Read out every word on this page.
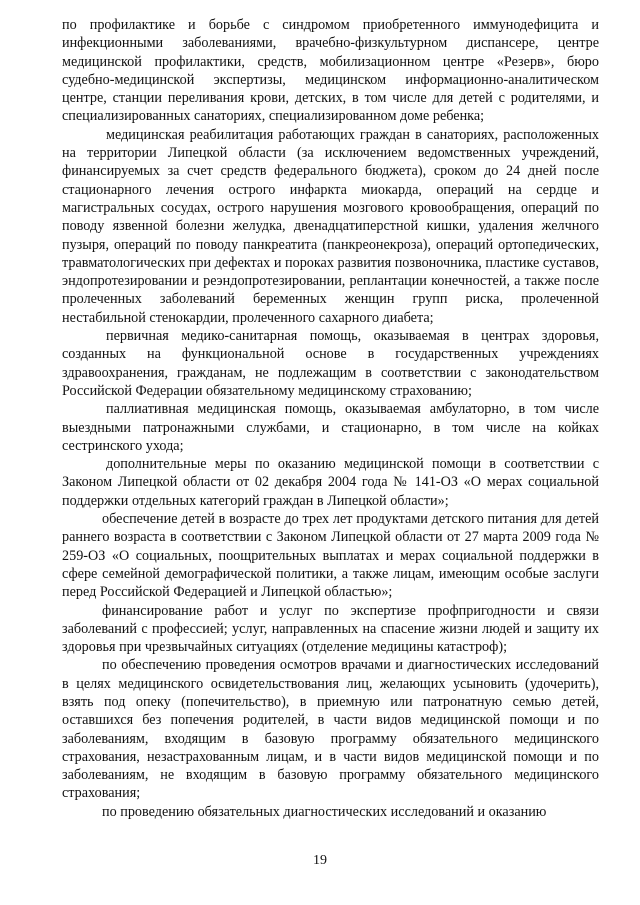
по профилактике и борьбе с синдромом приобретенного иммунодефицита и инфекционными заболеваниями, врачебно-физкультурном диспансере, центре медицинской профилактики, средств, мобилизационном центре «Резерв», бюро судебно-медицинской экспертизы, медицинском информационно-аналитическом центре, станции переливания крови, детских, в том числе для детей с родителями, и специализированных санаториях, специализированном доме ребенка;

медицинская реабилитация работающих граждан в санаториях, расположенных на территории Липецкой области (за исключением ведомственных учреждений, финансируемых за счет средств федерального бюджета), сроком до 24 дней после стационарного лечения острого инфаркта миокарда, операций на сердце и магистральных сосудах, острого нарушения мозгового кровообращения, операций по поводу язвенной болезни желудка, двенадцатиперстной кишки, удаления желчного пузыря, операций по поводу панкреатита (панкреонекроза), операций ортопедических, травматологических при дефектах и пороках развития позвоночника, пластике суставов, эндопротезировании и реэндопротезировании, реплантации конечностей, а также после пролеченных заболеваний беременных женщин групп риска, пролеченной нестабильной стенокардии, пролеченного сахарного диабета;

первичная медико-санитарная помощь, оказываемая в центрах здоровья, созданных на функциональной основе в государственных учреждениях здравоохранения, гражданам, не подлежащим в соответствии с законодательством Российской Федерации обязательному медицинскому страхованию;

паллиативная медицинская помощь, оказываемая амбулаторно, в том числе выездными патронажными службами, и стационарно, в том числе на койках сестринского ухода;

дополнительные меры по оказанию медицинской помощи в соответствии с Законом Липецкой области от 02 декабря 2004 года № 141-ОЗ «О мерах социальной поддержки отдельных категорий граждан в Липецкой области»;

обеспечение детей в возрасте до трех лет продуктами детского питания для детей раннего возраста в соответствии с Законом Липецкой области от 27 марта 2009 года № 259-ОЗ «О социальных, поощрительных выплатах и мерах социальной поддержки в сфере семейной демографической политики, а также лицам, имеющим особые заслуги перед Российской Федерацией и Липецкой областью»;

финансирование работ и услуг по экспертизе профпригодности и связи заболеваний с профессией; услуг, направленных на спасение жизни людей и защиту их здоровья при чрезвычайных ситуациях (отделение медицины катастроф);

по обеспечению проведения осмотров врачами и диагностических исследований в целях медицинского освидетельствования лиц, желающих усыновить (удочерить), взять под опеку (попечительство), в приемную или патронатную семью детей, оставшихся без попечения родителей, в части видов медицинской помощи и по заболеваниям, входящим в базовую программу обязательного медицинского страхования, незастрахованным лицам, и в части видов медицинской помощи и по заболеваниям, не входящим в базовую программу обязательного медицинского страхования;

по проведению обязательных диагностических исследований и оказанию

19
